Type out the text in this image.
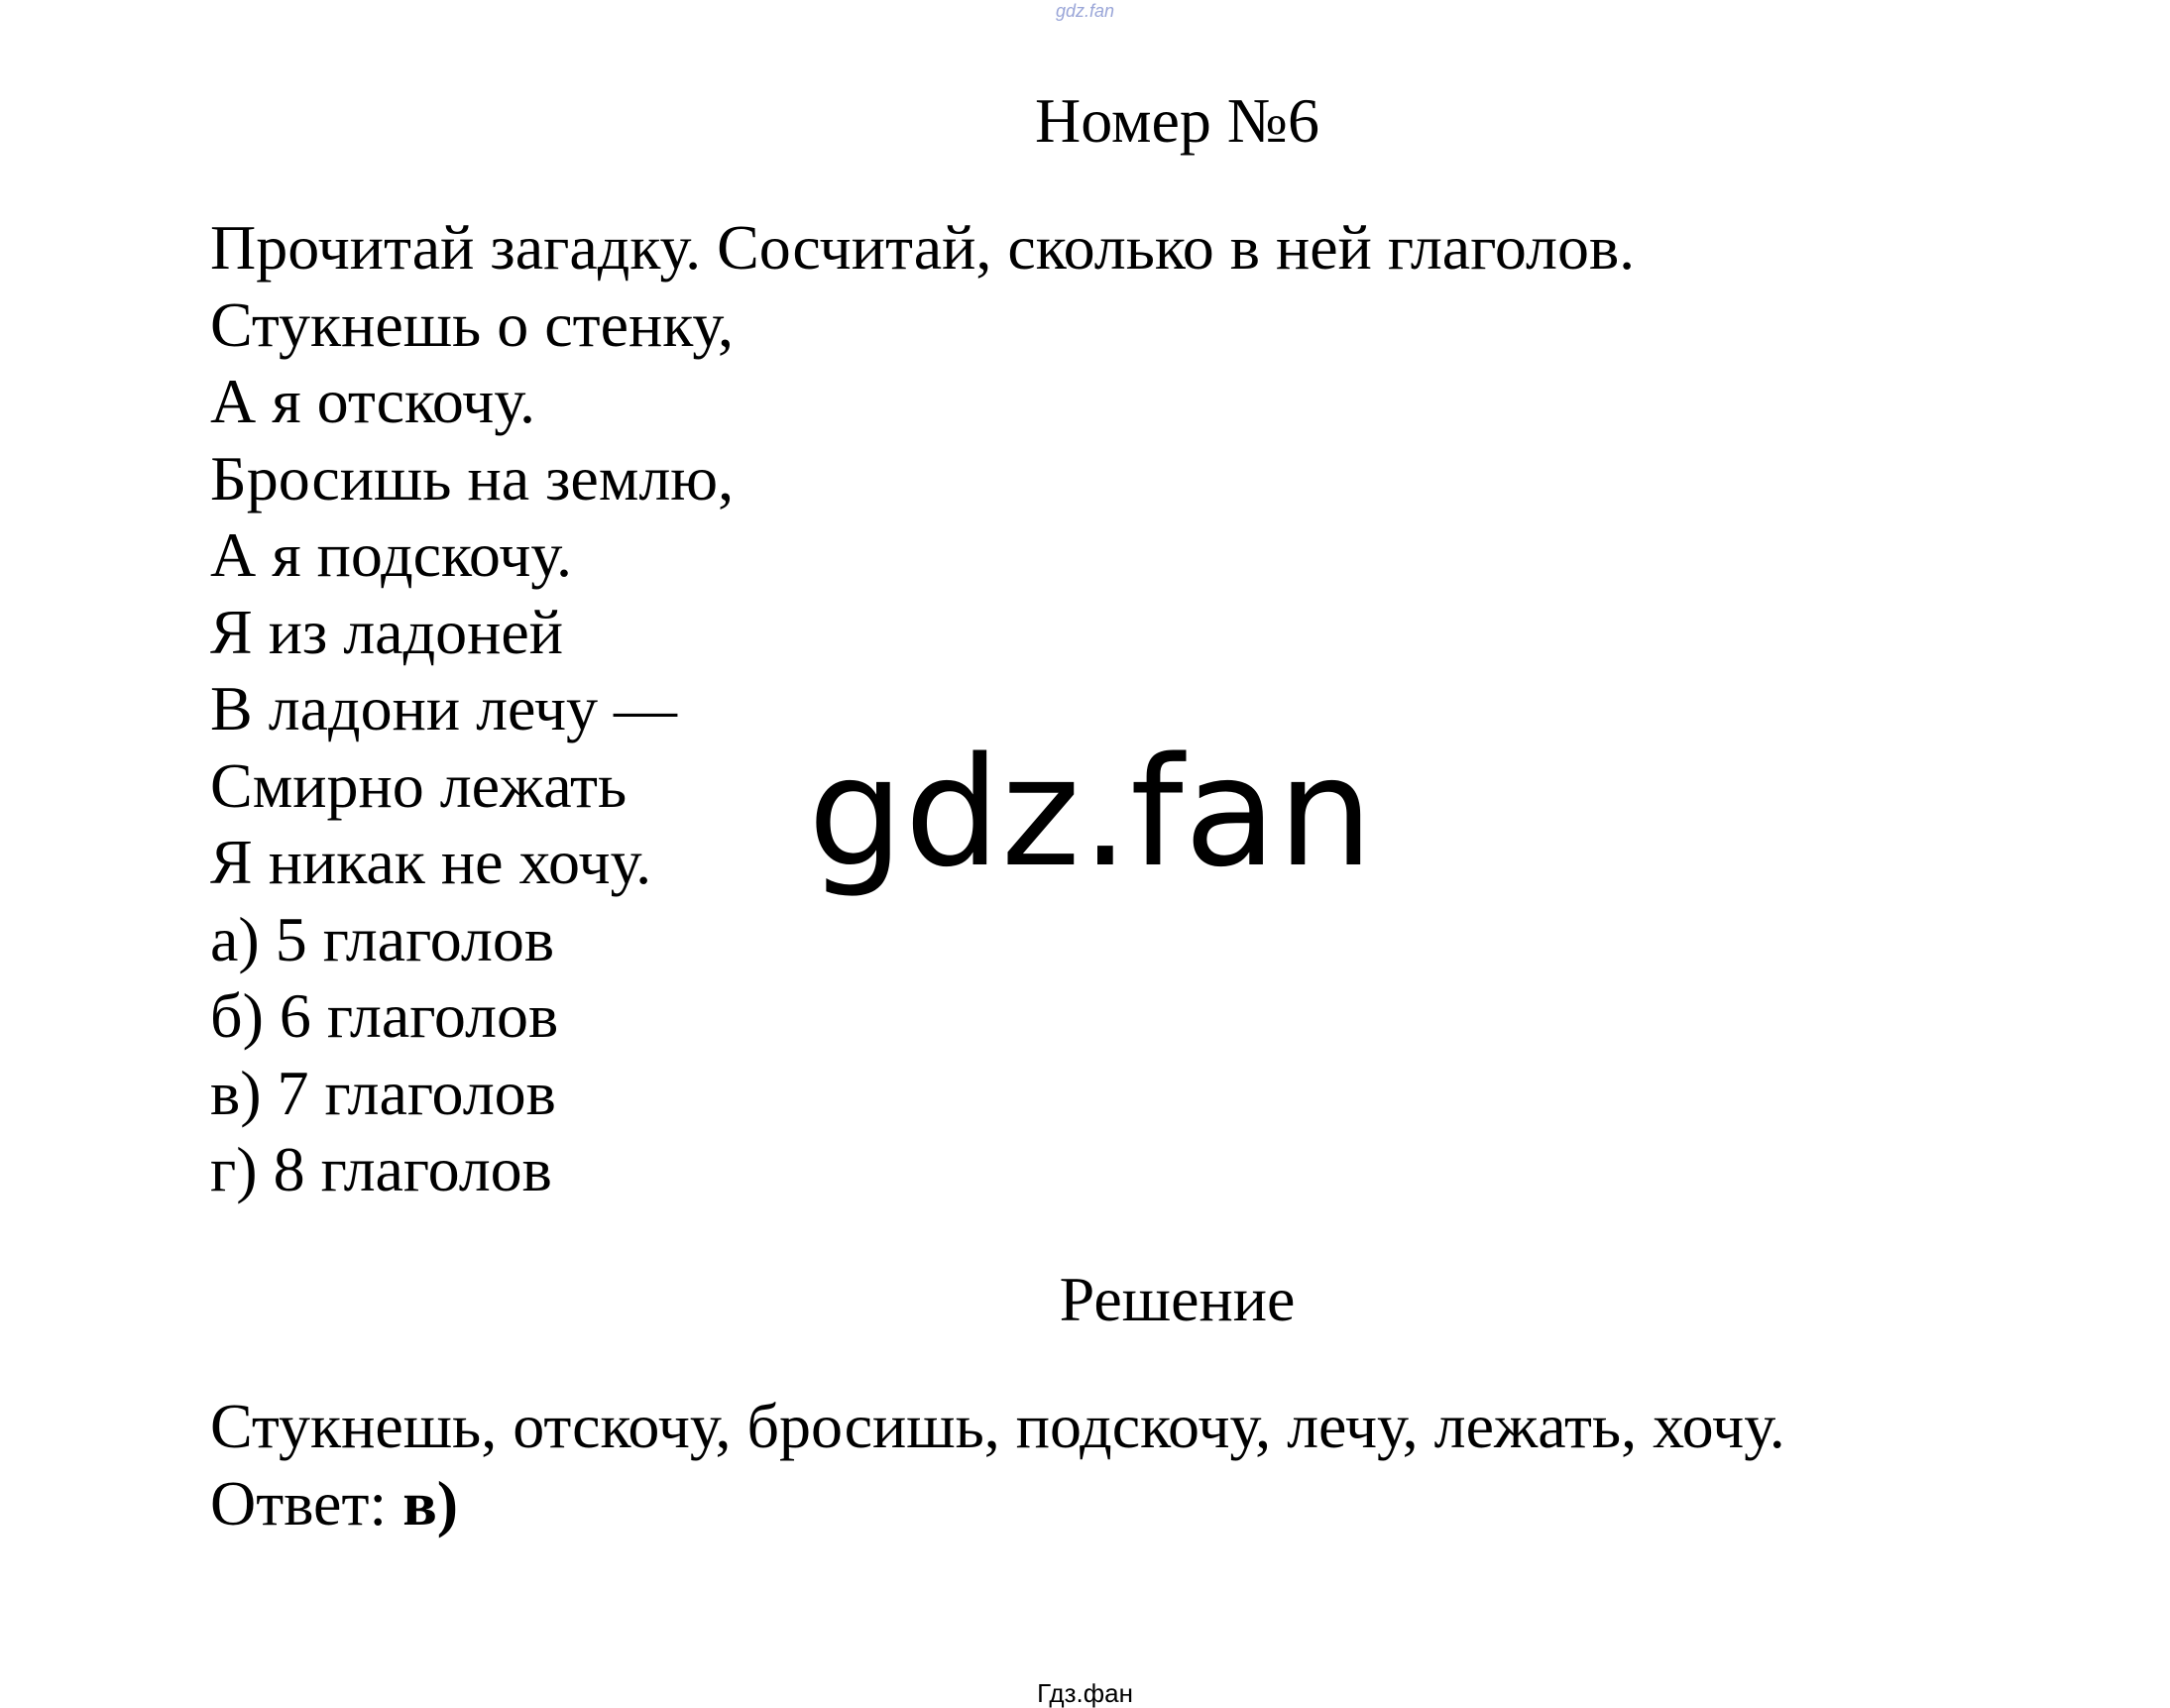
gdz.fan
Номер №6
Прочитай загадку. Сосчитай, сколько в ней глаголов.
Стукнешь о стенку,
А я отскочу.
Бросишь на землю,
А я подскочу.
Я из ладоней
В ладони лечу —
Смирно лежать
Я никак не хочу.
а) 5 глаголов
б) 6 глаголов
в) 7 глаголов
г) 8 глаголов
gdz.fan
Решение
Стукнешь, отскочу, бросишь, подскочу, лечу, лежать, хочу.
Ответ: в)
Гдз.фан
